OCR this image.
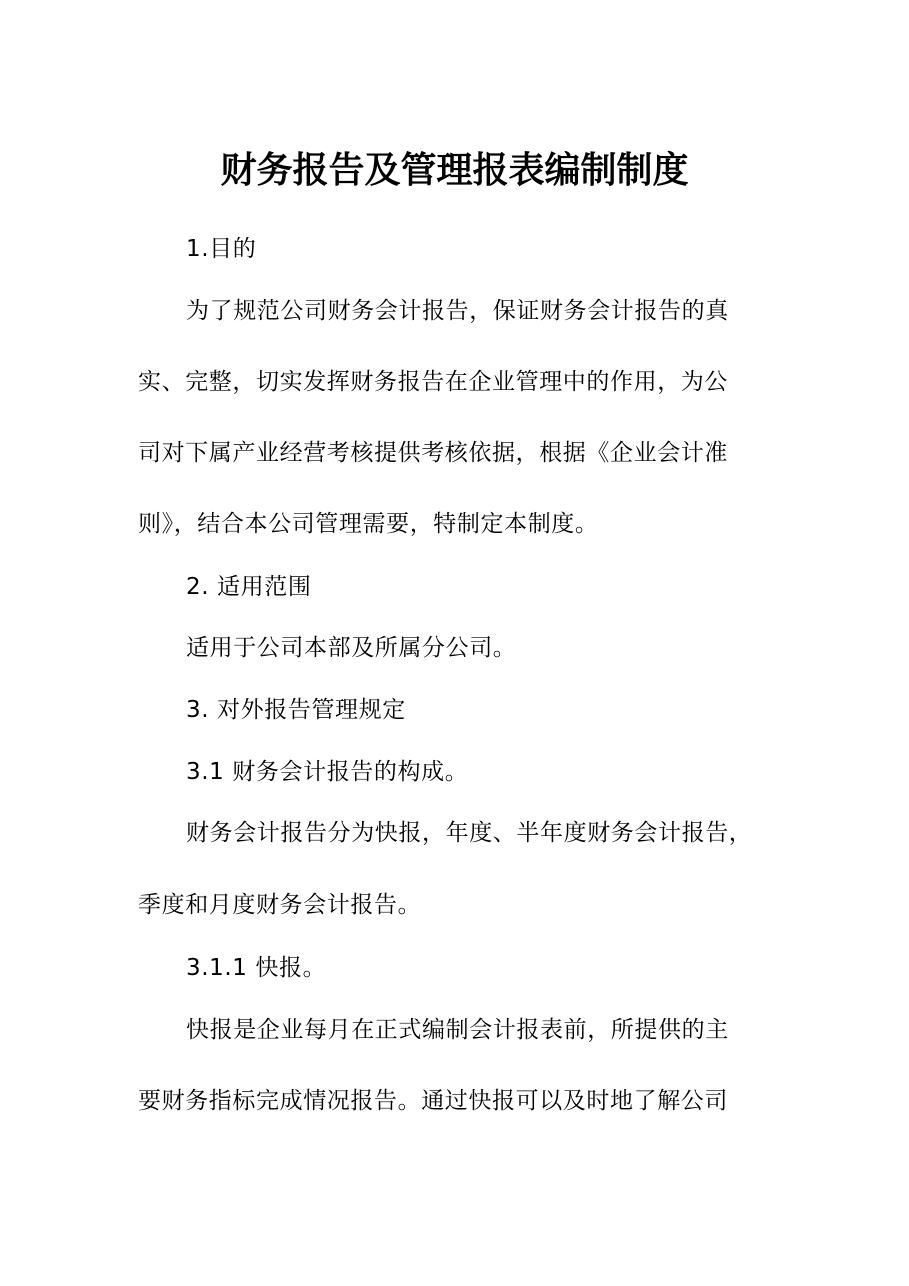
财务报告及管理报表编制制度
1.目的
为了规范公司财务会计报告，保证财务会计报告的真
实、完整，切实发挥财务报告在企业管理中的作用，为公
司对下属产业经营考核提供考核依据，根据《企业会计准
则》，结合本公司管理需要，特制定本制度。
2. 适用范围
适用于公司本部及所属分公司。
3. 对外报告管理规定
3.1 财务会计报告的构成。
财务会计报告分为快报，年度、半年度财务会计报告，
季度和月度财务会计报告。
3.1.1 快报。
快报是企业每月在正式编制会计报表前，所提供的主
要财务指标完成情况报告。通过快报可以及时地了解公司
